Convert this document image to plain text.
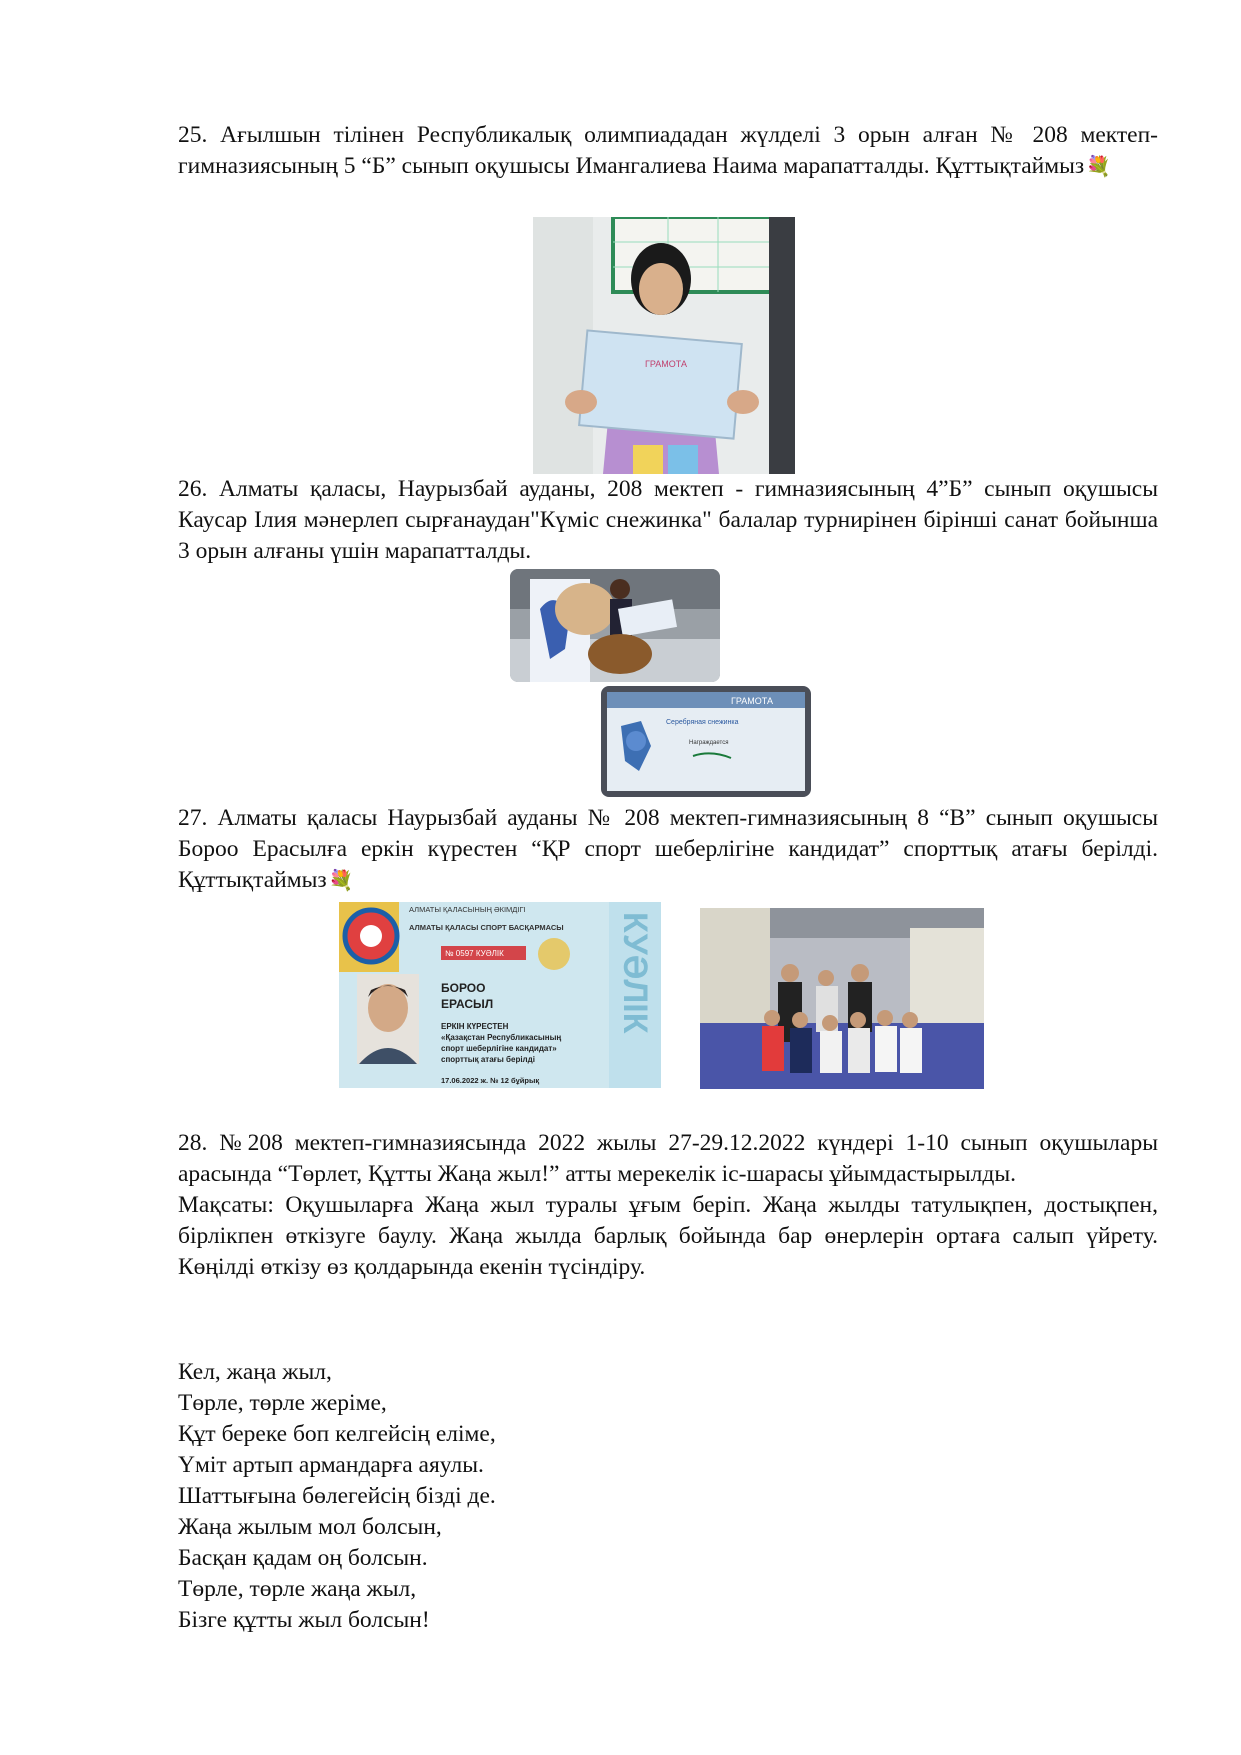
25. Ағылшын тілінен Республикалық олимпиададан жүлделі 3 орын алған № 208 мектеп-гимназиясының 5 “Б” сынып оқушысы Имангалиева Наима марапатталды. Құттықтаймыз 💐

ГРАМОТА

26. Алматы қаласы, Наурызбай ауданы, 208 мектеп - гимназиясының 4”Б” сынып оқушысы Каусар Ілия мәнерлеп сырғанаудан"Күміс снежинка" балалар турнирінен бірінші санат бойынша 3 орын алғаны үшін марапатталды.

ГРАМОТА
Серебряная снежинка
Награждается

27. Алматы қаласы Наурызбай ауданы № 208 мектеп-гимназиясының 8 “В” сынып оқушысы Бороо Ерасылға еркін күрестен “ҚР спорт шеберлігіне кандидат” спорттық атағы берілді. Құттықтаймыз 💐

АЛМАТЫ ҚАЛАСЫНЫҢ ӘКІМДІГІ
АЛМАТЫ ҚАЛАСЫ СПОРТ БАСҚАРМАСЫ
№ 0597 КУӘЛІК
БОРОО
ЕРАСЫЛ
ЕРКІН КҮРЕСТЕН
«Қазақстан Республикасының
спорт шеберлігіне кандидат»
спорттық атағы берілді
17.06.2022 ж. № 12 бұйрық
КУӘЛІК

28. №208 мектеп-гимназиясында 2022 жылы 27-29.12.2022 күндері 1-10 сынып оқушылары арасында “Төрлет, Құтты Жаңа жыл!” атты мерекелік іс-шарасы ұйымдастырылды.

Мақсаты: Оқушыларға Жаңа жыл туралы ұғым беріп. Жаңа жылды татулықпен, достықпен, бірлікпен өткізуге баулу. Жаңа жылда барлық бойында бар өнерлерін ортаға салып үйрету. Көңілді өткізу өз қолдарында екенін түсіндіру.

Кел, жаңа жыл,
Төрле, төрле жеріме,
Құт береке боп келгейсің еліме,
Үміт артып армандарға аяулы.
Шаттығына бөлегейсің бізді де.
Жаңа жылым мол болсын,
Басқан қадам оң болсын.
Төрле, төрле жаңа жыл,
Бізге құтты жыл болсын!
